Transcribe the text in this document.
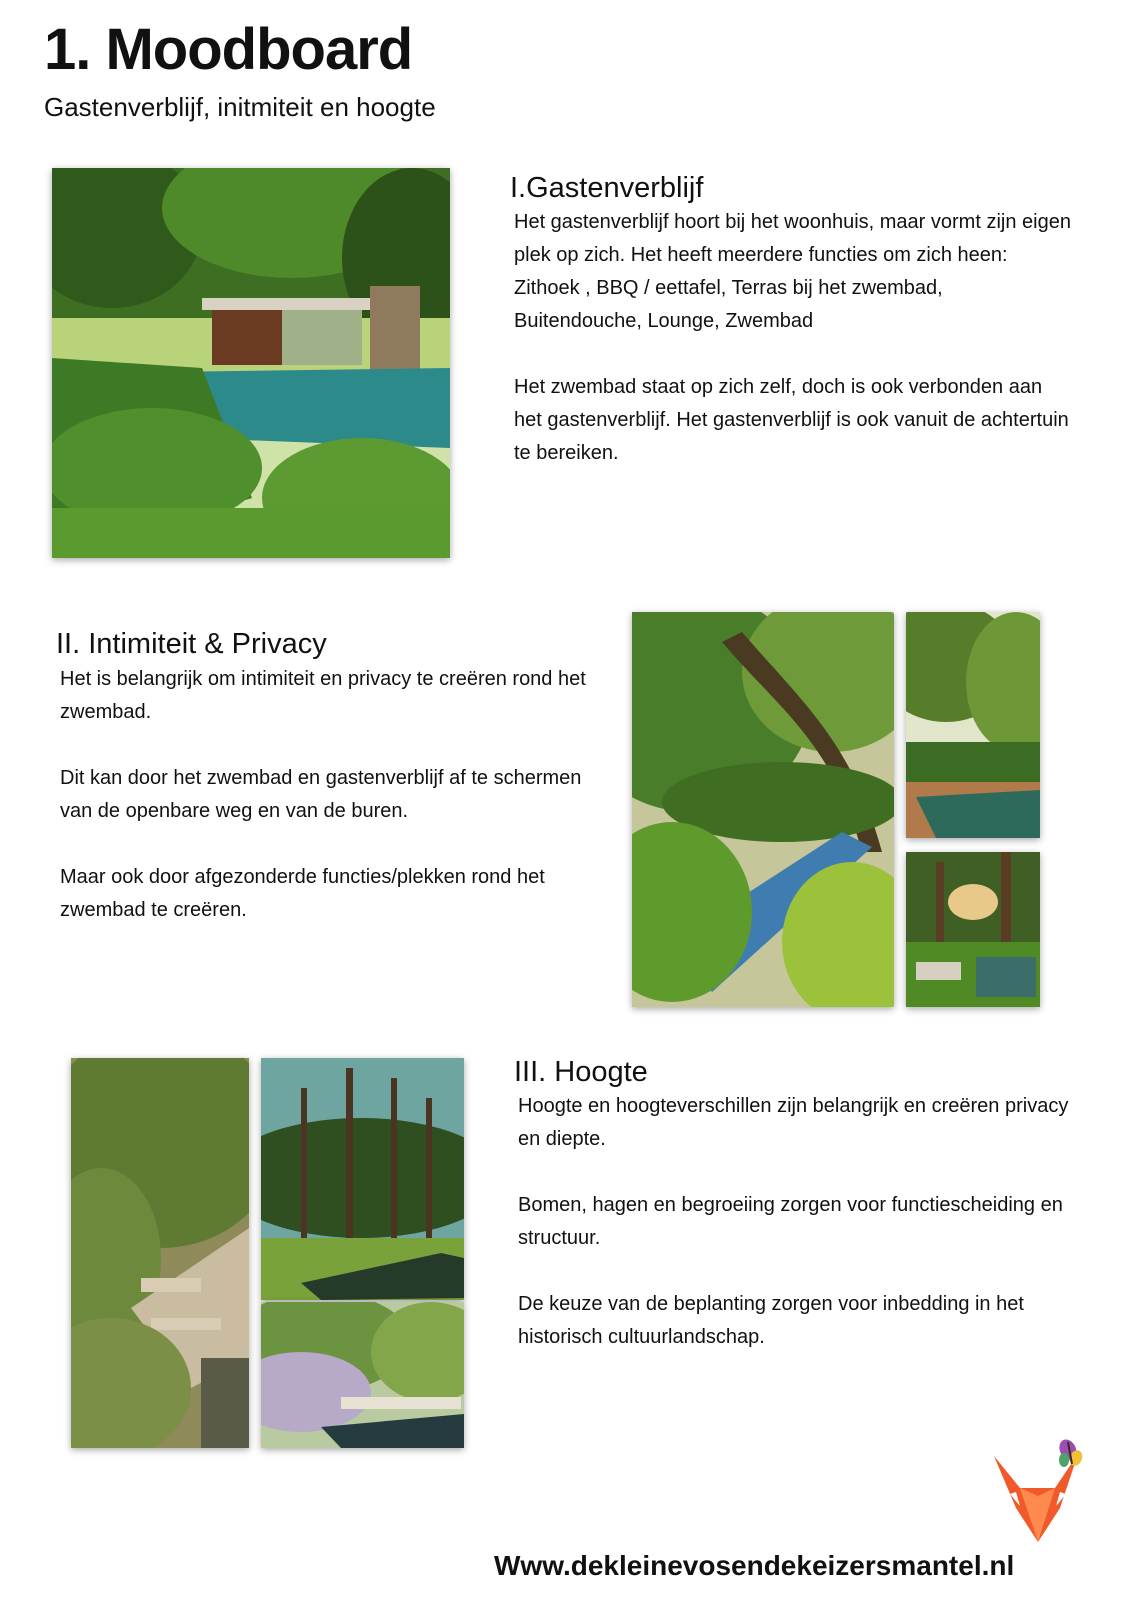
1. Moodboard

Gastenverblijf, initmiteit en hoogte

I.Gastenverblijf

Het gastenverblijf hoort bij het woonhuis, maar vormt zijn eigen plek op zich. Het heeft meerdere functies om zich heen: Zithoek , BBQ / eettafel, Terras bij het zwembad, Buitendouche, Lounge, Zwembad

Het zwembad staat op zich zelf, doch is ook verbonden aan het gastenverblijf. Het gastenverblijf is ook vanuit de achtertuin te bereiken.

II. Intimiteit & Privacy

Het is belangrijk om intimiteit en privacy te creëren rond het zwembad.

Dit kan door het zwembad en gastenverblijf af te schermen van de openbare weg en van de buren.

Maar ook door afgezonderde functies/plekken rond het zwembad te creëren.

III. Hoogte

Hoogte en hoogteverschillen zijn belangrijk en creëren privacy en diepte.

Bomen, hagen en begroeiing zorgen voor functiescheiding en structuur.

De keuze van de beplanting zorgen voor inbedding in het historisch cultuurlandschap.

Www.dekleinevosendekeizersmantel.nl
